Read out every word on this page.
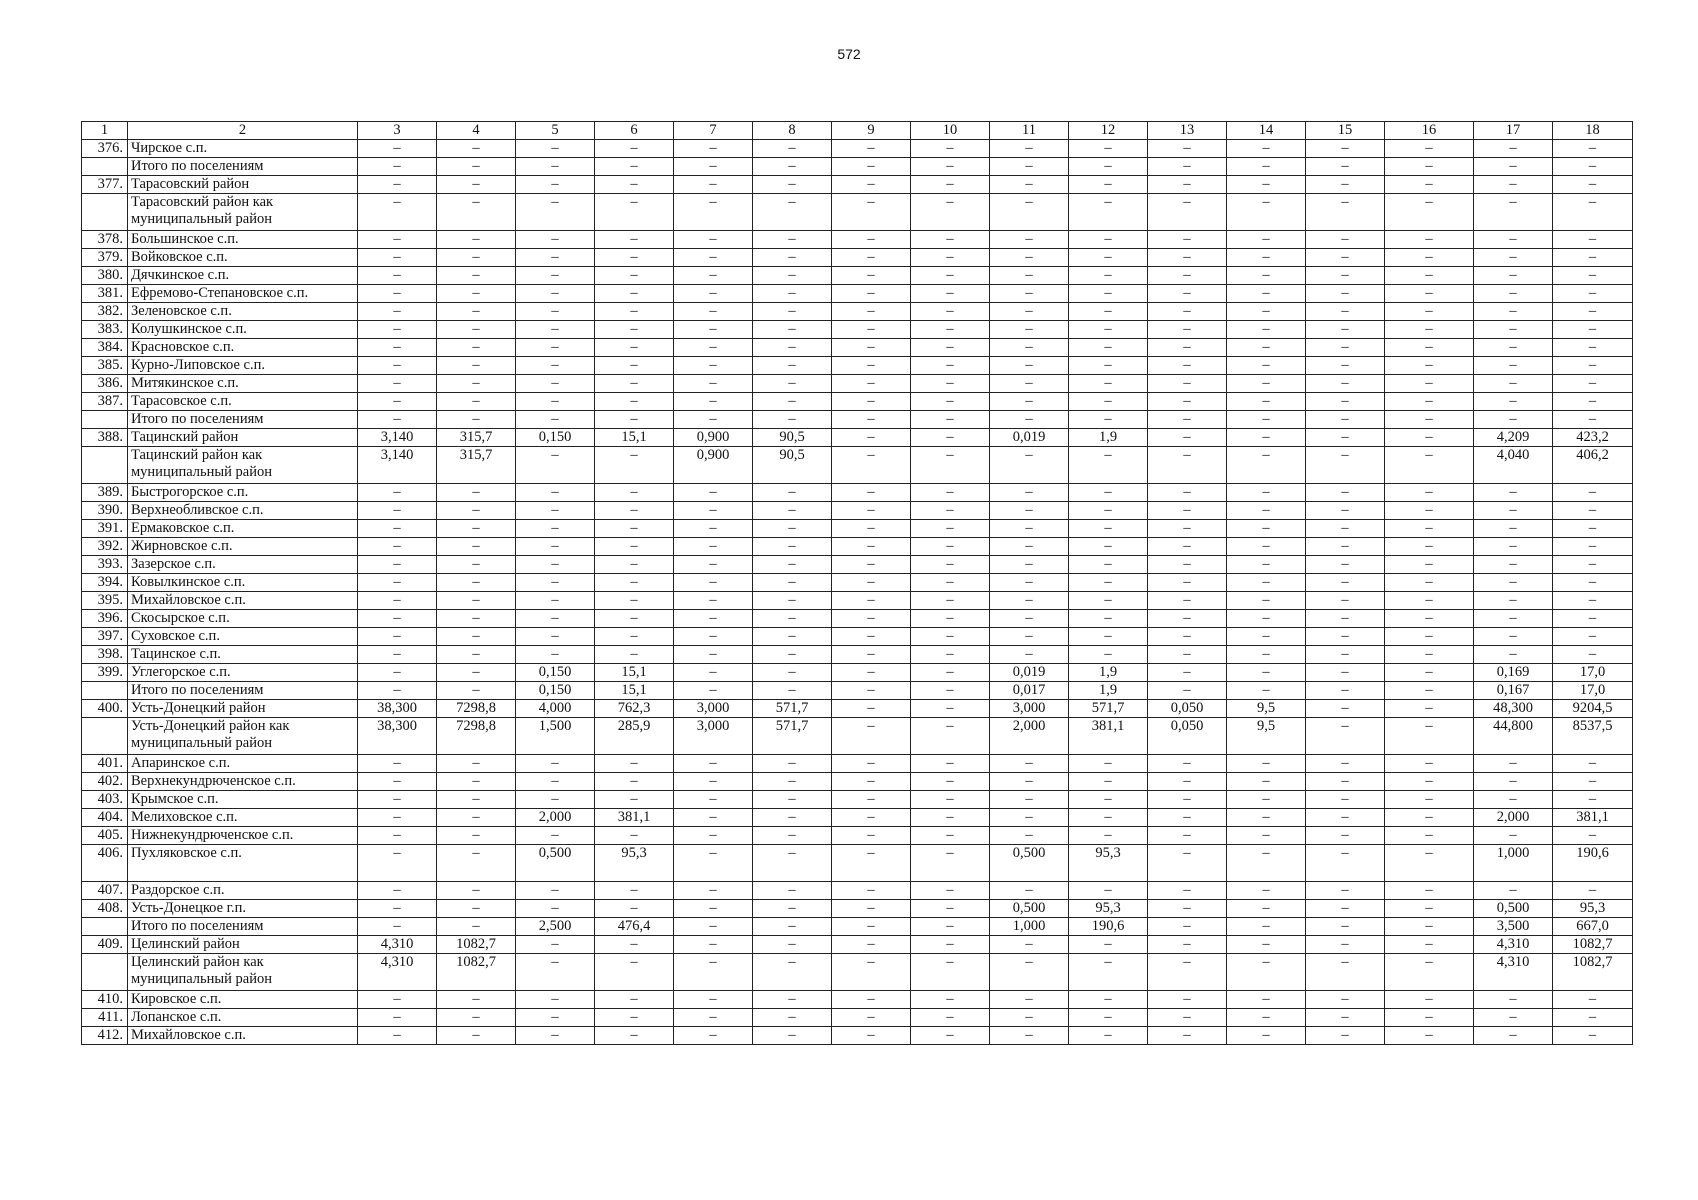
572
1	2	3	4	5	6	7	8	9	10	11	12	13	14	15	16	17	18
376.	Чирское с.п.	–	–	–	–	–	–	–	–	–	–	–	–	–	–	–	–
	Итого по поселениям	–	–	–	–	–	–	–	–	–	–	–	–	–	–	–	–
377.	Тарасовский район	–	–	–	–	–	–	–	–	–	–	–	–	–	–	–	–
	Тарасовский район как муниципальный район	–	–	–	–	–	–	–	–	–	–	–	–	–	–	–	–
378.	Большинское с.п.	–	–	–	–	–	–	–	–	–	–	–	–	–	–	–	–
379.	Войковское с.п.	–	–	–	–	–	–	–	–	–	–	–	–	–	–	–	–
380.	Дячкинское с.п.	–	–	–	–	–	–	–	–	–	–	–	–	–	–	–	–
381.	Ефремово-Степановское с.п.	–	–	–	–	–	–	–	–	–	–	–	–	–	–	–	–
382.	Зеленовское с.п.	–	–	–	–	–	–	–	–	–	–	–	–	–	–	–	–
383.	Колушкинское с.п.	–	–	–	–	–	–	–	–	–	–	–	–	–	–	–	–
384.	Красновское с.п.	–	–	–	–	–	–	–	–	–	–	–	–	–	–	–	–
385.	Курно-Липовское с.п.	–	–	–	–	–	–	–	–	–	–	–	–	–	–	–	–
386.	Митякинское с.п.	–	–	–	–	–	–	–	–	–	–	–	–	–	–	–	–
387.	Тарасовское с.п.	–	–	–	–	–	–	–	–	–	–	–	–	–	–	–	–
	Итого по поселениям	–	–	–	–	–	–	–	–	–	–	–	–	–	–	–	–
388.	Тацинский район	3,140	315,7	0,150	15,1	0,900	90,5	–	–	0,019	1,9	–	–	–	–	4,209	423,2
	Тацинский район как муниципальный район	3,140	315,7	–	–	0,900	90,5	–	–	–	–	–	–	–	–	4,040	406,2
389.	Быстрогорское с.п.	–	–	–	–	–	–	–	–	–	–	–	–	–	–	–	–
390.	Верхнеобливское с.п.	–	–	–	–	–	–	–	–	–	–	–	–	–	–	–	–
391.	Ермаковское с.п.	–	–	–	–	–	–	–	–	–	–	–	–	–	–	–	–
392.	Жирновское с.п.	–	–	–	–	–	–	–	–	–	–	–	–	–	–	–	–
393.	Зазерское с.п.	–	–	–	–	–	–	–	–	–	–	–	–	–	–	–	–
394.	Ковылкинское с.п.	–	–	–	–	–	–	–	–	–	–	–	–	–	–	–	–
395.	Михайловское с.п.	–	–	–	–	–	–	–	–	–	–	–	–	–	–	–	–
396.	Скосырское с.п.	–	–	–	–	–	–	–	–	–	–	–	–	–	–	–	–
397.	Суховское с.п.	–	–	–	–	–	–	–	–	–	–	–	–	–	–	–	–
398.	Тацинское с.п.	–	–	–	–	–	–	–	–	–	–	–	–	–	–	–	–
399.	Углегорское с.п.	–	–	0,150	15,1	–	–	–	–	0,019	1,9	–	–	–	–	0,169	17,0
	Итого по поселениям	–	–	0,150	15,1	–	–	–	–	0,017	1,9	–	–	–	–	0,167	17,0
400.	Усть-Донецкий район	38,300	7298,8	4,000	762,3	3,000	571,7	–	–	3,000	571,7	0,050	9,5	–	–	48,300	9204,5
	Усть-Донецкий район как муниципальный район	38,300	7298,8	1,500	285,9	3,000	571,7	–	–	2,000	381,1	0,050	9,5	–	–	44,800	8537,5
401.	Апаринское с.п.	–	–	–	–	–	–	–	–	–	–	–	–	–	–	–	–
402.	Верхнекундрюченское с.п.	–	–	–	–	–	–	–	–	–	–	–	–	–	–	–	–
403.	Крымское с.п.	–	–	–	–	–	–	–	–	–	–	–	–	–	–	–	–
404.	Мелиховское с.п.	–	–	2,000	381,1	–	–	–	–	–	–	–	–	–	–	2,000	381,1
405.	Нижнекундрюченское с.п.	–	–	–	–	–	–	–	–	–	–	–	–	–	–	–	–
406.	Пухляковское с.п.	–	–	0,500	95,3	–	–	–	–	0,500	95,3	–	–	–	–	1,000	190,6
407.	Раздорское с.п.	–	–	–	–	–	–	–	–	–	–	–	–	–	–	–	–
408.	Усть-Донецкое г.п.	–	–	–	–	–	–	–	–	0,500	95,3	–	–	–	–	0,500	95,3
	Итого по поселениям	–	–	2,500	476,4	–	–	–	–	1,000	190,6	–	–	–	–	3,500	667,0
409.	Целинский район	4,310	1082,7	–	–	–	–	–	–	–	–	–	–	–	–	4,310	1082,7
	Целинский район как муниципальный район	4,310	1082,7	–	–	–	–	–	–	–	–	–	–	–	–	4,310	1082,7
410.	Кировское с.п.	–	–	–	–	–	–	–	–	–	–	–	–	–	–	–	–
411.	Лопанское с.п.	–	–	–	–	–	–	–	–	–	–	–	–	–	–	–	–
412.	Михайловское с.п.	–	–	–	–	–	–	–	–	–	–	–	–	–	–	–	–
